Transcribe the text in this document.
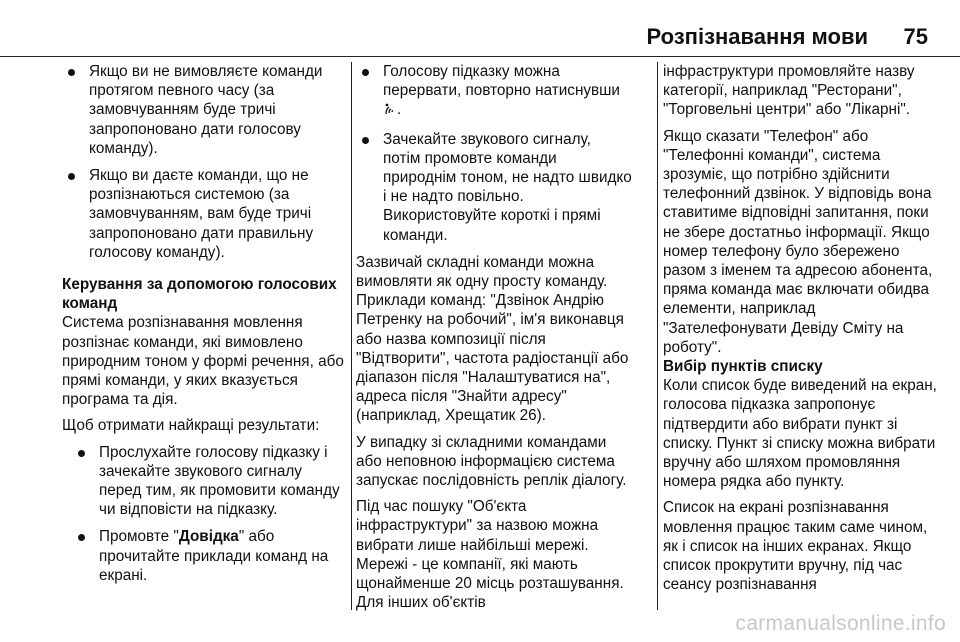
Розпізнавання мови 75
Якщо ви не вимовляєте команди протягом певного часу (за замовчуванням буде тричі запропоновано дати голосову команду).
Якщо ви даєте команди, що не розпізнаються системою (за замовчуванням, вам буде тричі запропоновано дати правильну голосову команду).

Керування за допомогою голосових команд

Система розпізнавання мовлення розпізнає команди, які вимовлено природним тоном у формі речення, або прямі команди, у яких вказується програма та дія.

Щоб отримати найкращі результати:

Прослухайте голосову підказку і зачекайте звукового сигналу перед тим, як промовити команду чи відповісти на підказку.
Промовте "Довідка" або прочитайте приклади команд на екрані.
Голосову підказку можна перервати, повторно натиснувши .
Зачекайте звукового сигналу, потім промовте команди природнім тоном, не надто швидко і не надто повільно. Використовуйте короткі і прямі команди.

Зазвичай складні команди можна вимовляти як одну просту команду. Приклади команд: "Дзвінок Андрію Петренку на робочий", ім'я виконавця або назва композиції після "Відтворити", частота радіостанції або діапазон після "Налаштуватися на", адреса після "Знайти адресу" (наприклад, Хрещатик 26).

У випадку зі складними командами або неповною інформацією система запускає послідовність реплік діалогу.

Під час пошуку "Об'єкта інфраструктури" за назвою можна вибрати лише найбільші мережі. Мережі - це компанії, які мають щонайменше 20 місць розташування. Для інших об'єктів

інфраструктури промовляйте назву категорії, наприклад "Ресторани", "Торговельні центри" або "Лікарні".

Якщо сказати "Телефон" або "Телефонні команди", система зрозуміє, що потрібно здійснити телефонний дзвінок. У відповідь вона ставитиме відповідні запитання, поки не збере достатньо інформації. Якщо номер телефону було збережено разом з іменем та адресою абонента, пряма команда має включати обидва елементи, наприклад "Зателефонувати Девіду Сміту на роботу".

Вибір пунктів списку

Коли список буде виведений на екран, голосова підказка запропонує підтвердити або вибрати пункт зі списку. Пункт зі списку можна вибрати вручну або шляхом промовляння номера рядка або пункту.

Список на екрані розпізнавання мовлення працює таким саме чином, як і список на інших екранах. Якщо список прокрутити вручну, під час сеансу розпізнавання

carmanualsonline.info
